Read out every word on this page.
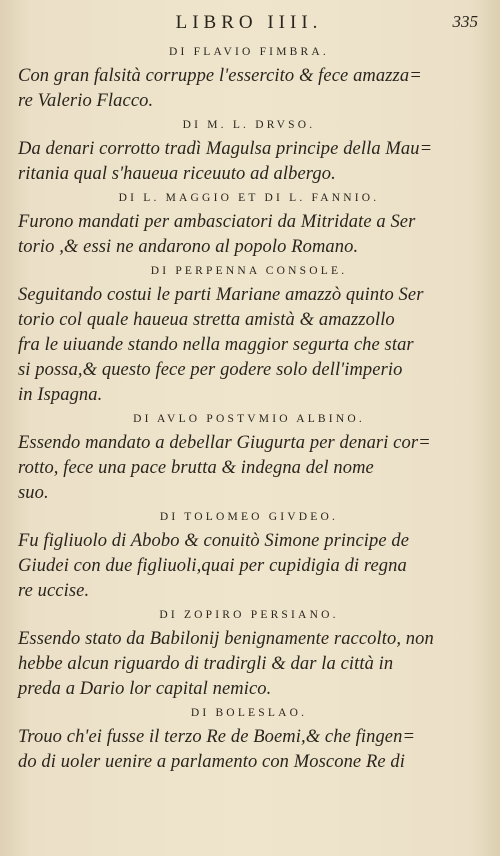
LIBRO IIII.	335
DI FLAVIO FIMBRA.
Con gran falsità corruppe l'essercito & fece amazza=
re Valerio Flacco.
DI M. L. DRVSO.
Da denari corrotto tradì Magulsa principe della Mau=
ritania qual s'haueua riceuuto ad albergo.
DI L. MAGGIO ET DI L. FANNIO.
Furono mandati per ambasciatori da Mitridate a Ser
torio ,& essi ne andarono al popolo Romano.
DI PERPENNA CONSOLE.
Seguitando costui le parti Mariane amazzò quinto Ser
torio col quale haueua stretta amistà & amazzollo
fra le uiuande stando nella maggior segurta che star
si possa,& questo fece per godere solo dell'imperio
in Ispagna.
DI AVLO POSTVMIO ALBINO.
Essendo mandato a debellar Giugurta per denari cor=
rotto, fece una pace brutta & indegna del nome
suo.
DI TOLOMEO GIVDEO.
Fu figliuolo di Abobo & conuitò Simone principe de
Giudei con due figliuoli,quai per cupidigia di regna
re uccise.
DI ZOPIRO PERSIANO.
Essendo stato da Babilonij benignamente raccolto, non
hebbe alcun riguardo di tradirgli & dar la città in
preda a Dario lor capital nemico.
DI BOLESLAO.
Trouo ch'ei fusse il terzo Re de Boemi,& che fingen=
do di uoler uenire a parlamento con Moscone Re di
